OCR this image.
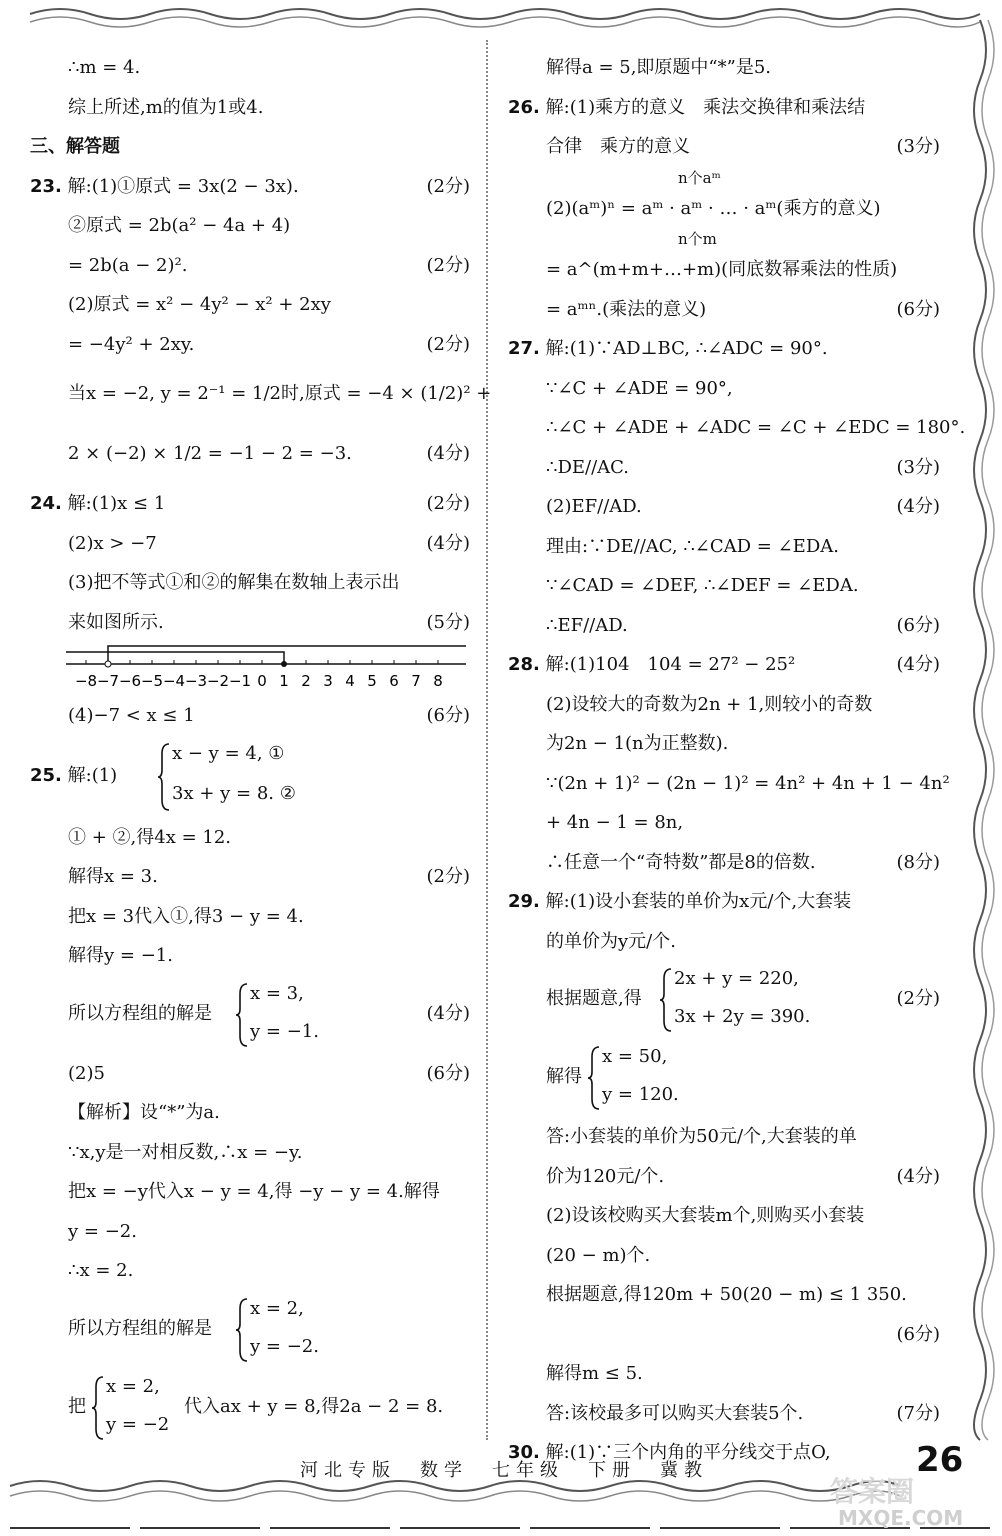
∴m = 4.
综上所述,m的值为1或4.
三、解答题
23. 解:(1)①原式 = 3x(2 − 3x).	(2分)
②原式 = 2b(a² − 4a + 4)
= 2b(a − 2)².	(2分)
(2)原式 = x² − 4y² − x² + 2xy
= −4y² + 2xy.	(2分)
当x = −2, y = 2⁻¹ = 1/2时,原式 = −4 × (1/2)² +
2 × (−2) × 1/2 = −1 − 2 = −3.	(4分)
24. 解:(1)x ≤ 1	(2分)
(2)x > −7	(4分)
(3)把不等式①和②的解集在数轴上表示出
来如图所示.	(5分)
−8 −7 −6 −5 −4 −3 −2 −1 0 1 2 3 4 5 6 7 8
(4)−7 < x ≤ 1	(6分)
25. 解:(1)
x − y = 4, ①
3x + y = 8. ②
① + ②,得4x = 12.
解得x = 3.	(2分)
把x = 3代入①,得3 − y = 4.
解得y = −1.
所以方程组的解是
x = 3,
y = −1.
(4分)
(2)5	(6分)
【解析】设“*”为a.
∵x,y是一对相反数,∴x = −y.
把x = −y代入x − y = 4,得 −y − y = 4.解得
y = −2.
∴x = 2.
所以方程组的解是
x = 2,
y = −2.
把
x = 2,
y = −2
代入ax + y = 8,得2a − 2 = 8.
解得a = 5,即原题中“*”是5.
26. 解:(1)乘方的意义　乘法交换律和乘法结
合律　乘方的意义	(3分)
n个aᵐ
(2)(aᵐ)ⁿ = aᵐ · aᵐ · … · aᵐ(乘方的意义)
n个m
= a^(m+m+…+m)(同底数幂乘法的性质)
= aᵐⁿ.(乘法的意义)	(6分)
27. 解:(1)∵AD⊥BC, ∴∠ADC = 90°.
∵∠C + ∠ADE = 90°,
∴∠C + ∠ADE + ∠ADC = ∠C + ∠EDC = 180°.
∴DE//AC.	(3分)
(2)EF//AD.	(4分)
理由:∵DE//AC, ∴∠CAD = ∠EDA.
∵∠CAD = ∠DEF, ∴∠DEF = ∠EDA.
∴EF//AD.	(6分)
28. 解:(1)104　104 = 27² − 25²	(4分)
(2)设较大的奇数为2n + 1,则较小的奇数
为2n − 1(n为正整数).
∵(2n + 1)² − (2n − 1)² = 4n² + 4n + 1 − 4n²
+ 4n − 1 = 8n,
∴任意一个“奇特数”都是8的倍数.	(8分)
29. 解:(1)设小套装的单价为x元/个,大套装
的单价为y元/个.
根据题意,得
2x + y = 220,
3x + 2y = 390.
(2分)
解得
x = 50,
y = 120.
答:小套装的单价为50元/个,大套装的单
价为120元/个.	(4分)
(2)设该校购买大套装m个,则购买小套装
(20 − m)个.
根据题意,得120m + 50(20 − m) ≤ 1 350.
(6分)
解得m ≤ 5.
答:该校最多可以购买大套装5个.	(7分)
30. 解:(1)∵三个内角的平分线交于点O,
河北专版　数学　七年级　下册　冀教	26
答案圈
MXQE.COM
